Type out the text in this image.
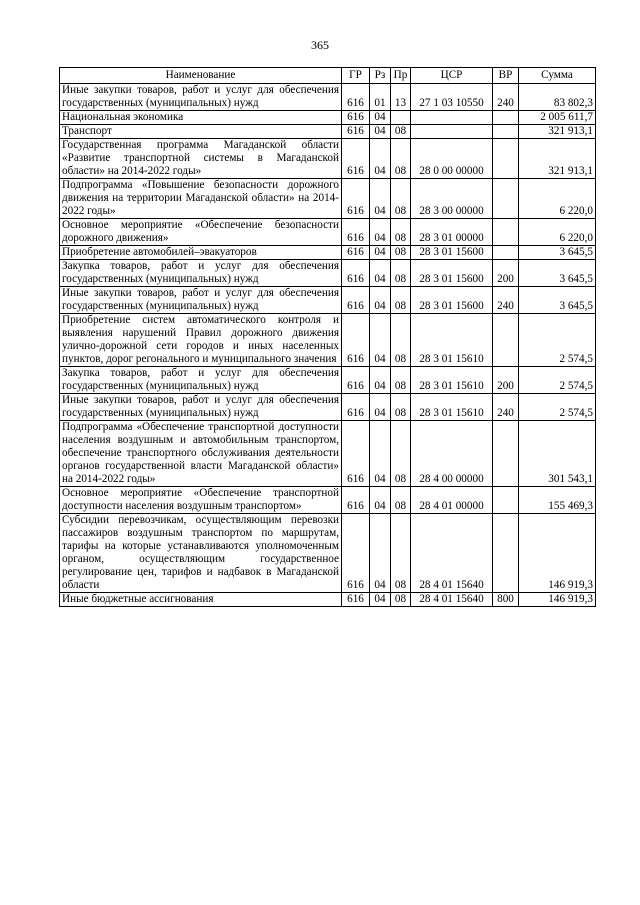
365
Наименование	ГР	Рз	Пр	ЦСР	ВР	Сумма
Иные закупки товаров, работ и услуг для обеспечения государственных (муниципальных) нужд	616	01	13	27 1 03 10550	240	83 802,3
Национальная экономика	616	04				2 005 611,7
Транспорт	616	04	08			321 913,1
Государственная программа Магаданской области «Развитие транспортной системы в Магаданской области» на 2014-2022 годы»	616	04	08	28 0 00 00000		321 913,1
Подпрограмма «Повышение безопасности дорожного движения на территории Магаданской области» на 2014-2022 годы»	616	04	08	28 3 00 00000		6 220,0
Основное мероприятие «Обеспечение безопасности дорожного движения»	616	04	08	28 3 01 00000		6 220,0
Приобретение автомобилей–эвакуаторов	616	04	08	28 3 01 15600		3 645,5
Закупка товаров, работ и услуг для обеспечения государственных (муниципальных) нужд	616	04	08	28 3 01 15600	200	3 645,5
Иные закупки товаров, работ и услуг для обеспечения государственных (муниципальных) нужд	616	04	08	28 3 01 15600	240	3 645,5
Приобретение систем автоматического контроля и выявления нарушений Правил дорожного движения улично-дорожной сети городов и иных населенных пунктов, дорог регонального и муниципального значения	616	04	08	28 3 01 15610		2 574,5
Закупка товаров, работ и услуг для обеспечения государственных (муниципальных) нужд	616	04	08	28 3 01 15610	200	2 574,5
Иные закупки товаров, работ и услуг для обеспечения государственных (муниципальных) нужд	616	04	08	28 3 01 15610	240	2 574,5
Подпрограмма «Обеспечение транспортной доступности населения воздушным и автомобильным транспортом, обеспечение транспортного обслуживания деятельности органов государственной власти Магаданской области» на 2014-2022 годы»	616	04	08	28 4 00 00000		301 543,1
Основное мероприятие «Обеспечение транспортной доступности населения воздушным транспортом»	616	04	08	28 4 01 00000		155 469,3
Субсидии перевозчикам, осуществляющим перевозки пассажиров воздушным транспортом по маршрутам, тарифы на которые устанавливаются уполномоченным органом, осуществляющим государственное регулирование цен, тарифов и надбавок в Магаданской области	616	04	08	28 4 01 15640		146 919,3
Иные бюджетные ассигнования	616	04	08	28 4 01 15640	800	146 919,3
